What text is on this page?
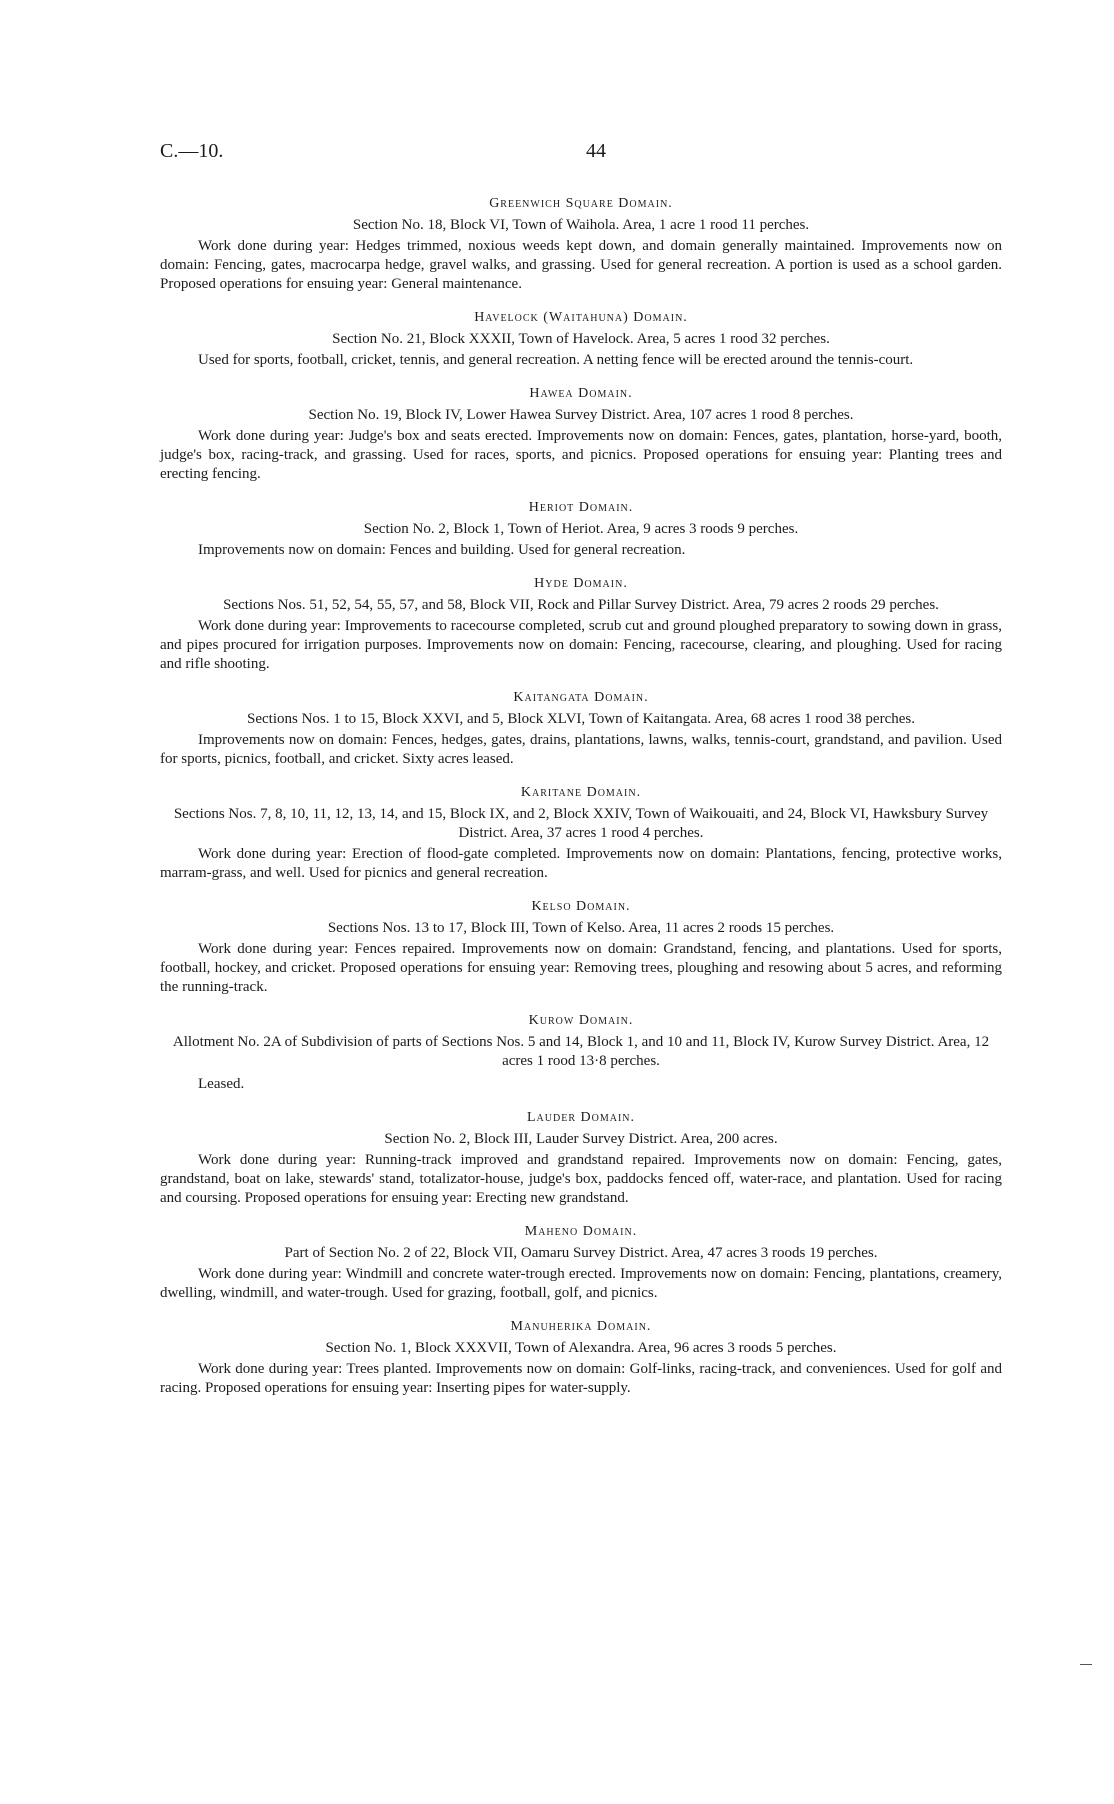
C.—10.	44
Greenwich Square Domain.
Section No. 18, Block VI, Town of Waihola. Area, 1 acre 1 rood 11 perches.

Work done during year: Hedges trimmed, noxious weeds kept down, and domain generally maintained. Improvements now on domain: Fencing, gates, macrocarpa hedge, gravel walks, and grassing. Used for general recreation. A portion is used as a school garden. Proposed operations for ensuing year: General maintenance.

Havelock (Waitahuna) Domain.
Section No. 21, Block XXXII, Town of Havelock. Area, 5 acres 1 rood 32 perches.

Used for sports, football, cricket, tennis, and general recreation. A netting fence will be erected around the tennis-court.

Hawea Domain.
Section No. 19, Block IV, Lower Hawea Survey District. Area, 107 acres 1 rood 8 perches.

Work done during year: Judge's box and seats erected. Improvements now on domain: Fences, gates, plantation, horse-yard, booth, judge's box, racing-track, and grassing. Used for races, sports, and picnics. Proposed operations for ensuing year: Planting trees and erecting fencing.

Heriot Domain.
Section No. 2, Block 1, Town of Heriot. Area, 9 acres 3 roods 9 perches.

Improvements now on domain: Fences and building. Used for general recreation.

Hyde Domain.
Sections Nos. 51, 52, 54, 55, 57, and 58, Block VII, Rock and Pillar Survey District. Area, 79 acres 2 roods 29 perches.

Work done during year: Improvements to racecourse completed, scrub cut and ground ploughed preparatory to sowing down in grass, and pipes procured for irrigation purposes. Improvements now on domain: Fencing, racecourse, clearing, and ploughing. Used for racing and rifle shooting.

Kaitangata Domain.
Sections Nos. 1 to 15, Block XXVI, and 5, Block XLVI, Town of Kaitangata. Area, 68 acres 1 rood 38 perches.

Improvements now on domain: Fences, hedges, gates, drains, plantations, lawns, walks, tennis-court, grandstand, and pavilion. Used for sports, picnics, football, and cricket. Sixty acres leased.

Karitane Domain.
Sections Nos. 7, 8, 10, 11, 12, 13, 14, and 15, Block IX, and 2, Block XXIV, Town of Waikouaiti, and 24, Block VI, Hawksbury Survey District. Area, 37 acres 1 rood 4 perches.

Work done during year: Erection of flood-gate completed. Improvements now on domain: Plantations, fencing, protective works, marram-grass, and well. Used for picnics and general recreation.

Kelso Domain.
Sections Nos. 13 to 17, Block III, Town of Kelso. Area, 11 acres 2 roods 15 perches.

Work done during year: Fences repaired. Improvements now on domain: Grandstand, fencing, and plantations. Used for sports, football, hockey, and cricket. Proposed operations for ensuing year: Removing trees, ploughing and resowing about 5 acres, and reforming the running-track.

Kurow Domain.
Allotment No. 2A of Subdivision of parts of Sections Nos. 5 and 14, Block 1, and 10 and 11, Block IV, Kurow Survey District. Area, 12 acres 1 rood 13·8 perches.
Leased.
Lauder Domain.
Section No. 2, Block III, Lauder Survey District. Area, 200 acres.

Work done during year: Running-track improved and grandstand repaired. Improvements now on domain: Fencing, gates, grandstand, boat on lake, stewards' stand, totalizator-house, judge's box, paddocks fenced off, water-race, and plantation. Used for racing and coursing. Proposed operations for ensuing year: Erecting new grandstand.

Maheno Domain.
Part of Section No. 2 of 22, Block VII, Oamaru Survey District. Area, 47 acres 3 roods 19 perches.

Work done during year: Windmill and concrete water-trough erected. Improvements now on domain: Fencing, plantations, creamery, dwelling, windmill, and water-trough. Used for grazing, football, golf, and picnics.

Manuherika Domain.
Section No. 1, Block XXXVII, Town of Alexandra. Area, 96 acres 3 roods 5 perches.

Work done during year: Trees planted. Improvements now on domain: Golf-links, racing-track, and conveniences. Used for golf and racing. Proposed operations for ensuing year: Inserting pipes for water-supply.
